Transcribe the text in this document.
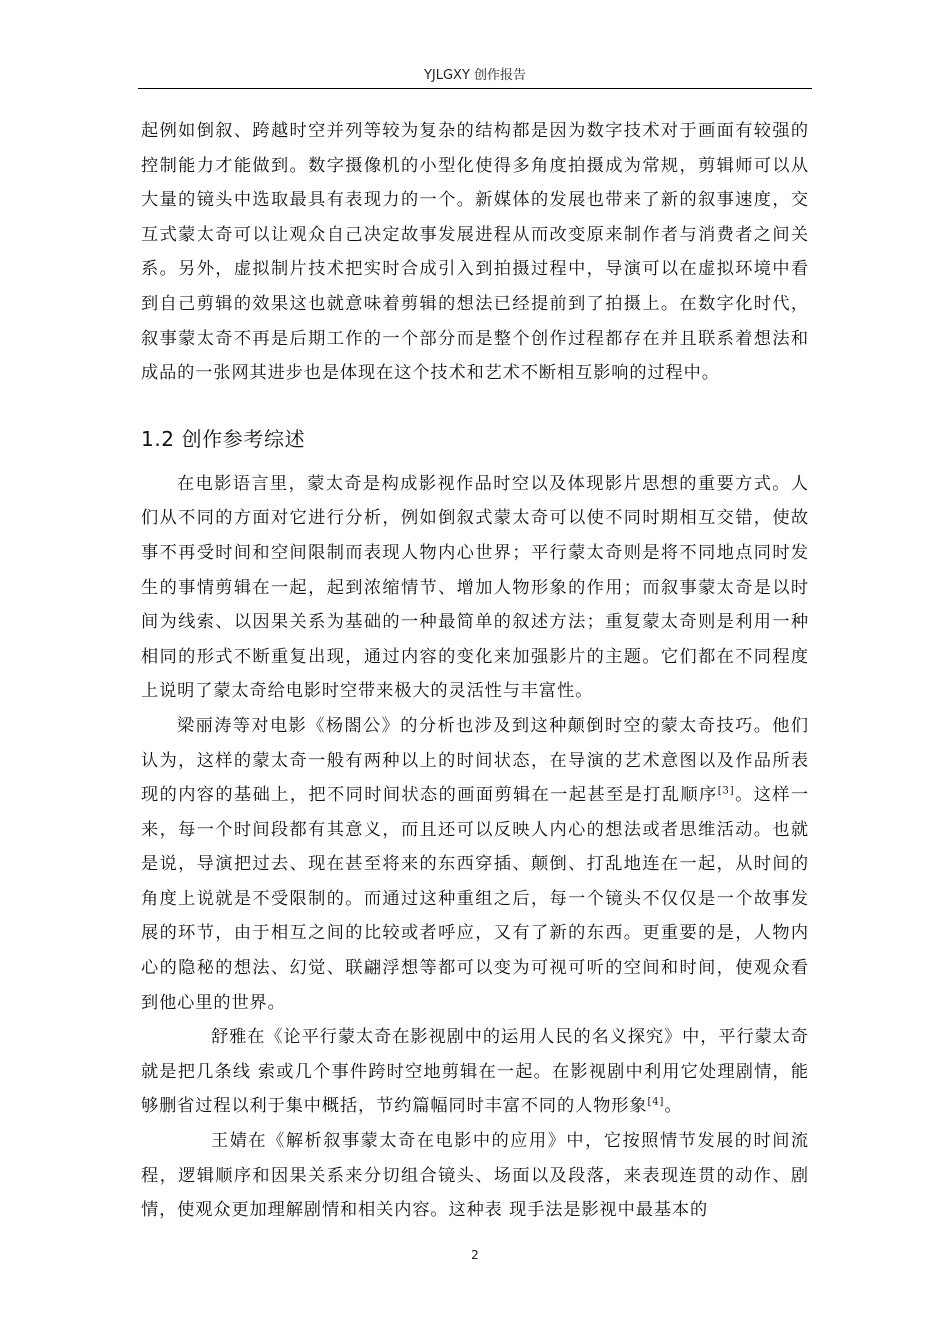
YJLGXY 创作报告

起例如倒叙、跨越时空并列等较为复杂的结构都是因为数字技术对于画面有较强的控制能力才能做到。数字摄像机的小型化使得多角度拍摄成为常规，剪辑师可以从大量的镜头中选取最具有表现力的一个。新媒体的发展也带来了新的叙事速度，交互式蒙太奇可以让观众自己决定故事发展进程从而改变原来制作者与消费者之间关系。另外，虚拟制片技术把实时合成引入到拍摄过程中，导演可以在虚拟环境中看到自己剪辑的效果这也就意味着剪辑的想法已经提前到了拍摄上。在数字化时代，叙事蒙太奇不再是后期工作的一个部分而是整个创作过程都存在并且联系着想法和成品的一张网其进步也是体现在这个技术和艺术不断相互影响的过程中。

1.2 创作参考综述

在电影语言里，蒙太奇是构成影视作品时空以及体现影片思想的重要方式。人们从不同的方面对它进行分析，例如倒叙式蒙太奇可以使不同时期相互交错，使故事不再受时间和空间限制而表现人物内心世界；平行蒙太奇则是将不同地点同时发生的事情剪辑在一起，起到浓缩情节、增加人物形象的作用；而叙事蒙太奇是以时间为线索、以因果关系为基础的一种最简单的叙述方法；重复蒙太奇则是利用一种相同的形式不断重复出现，通过内容的变化来加强影片的主题。它们都在不同程度上说明了蒙太奇给电影时空带来极大的灵活性与丰富性。

梁丽涛等对电影《杨閤公》的分析也涉及到这种颠倒时空的蒙太奇技巧。他们认为，这样的蒙太奇一般有两种以上的时间状态，在导演的艺术意图以及作品所表现的内容的基础上，把不同时间状态的画面剪辑在一起甚至是打乱顺序[3]。这样一来，每一个时间段都有其意义，而且还可以反映人内心的想法或者思维活动。也就是说，导演把过去、现在甚至将来的东西穿插、颠倒、打乱地连在一起，从时间的角度上说就是不受限制的。而通过这种重组之后，每一个镜头不仅仅是一个故事发展的环节，由于相互之间的比较或者呼应，又有了新的东西。更重要的是，人物内心的隐秘的想法、幻觉、联翩浮想等都可以变为可视可听的空间和时间，使观众看到他心里的世界。

舒雅在《论平行蒙太奇在影视剧中的运用人民的名义探究》中，平行蒙太奇就是把几条线 索或几个事件跨时空地剪辑在一起。在影视剧中利用它处理剧情，能够删省过程以利于集中概括，节约篇幅同时丰富不同的人物形象[4]。

王婧在《解析叙事蒙太奇在电影中的应用》中，它按照情节发展的时间流程，逻辑顺序和因果关系来分切组合镜头、场面以及段落，来表现连贯的动作、剧情，使观众更加理解剧情和相关内容。这种表 现手法是影视中最基本的

2
